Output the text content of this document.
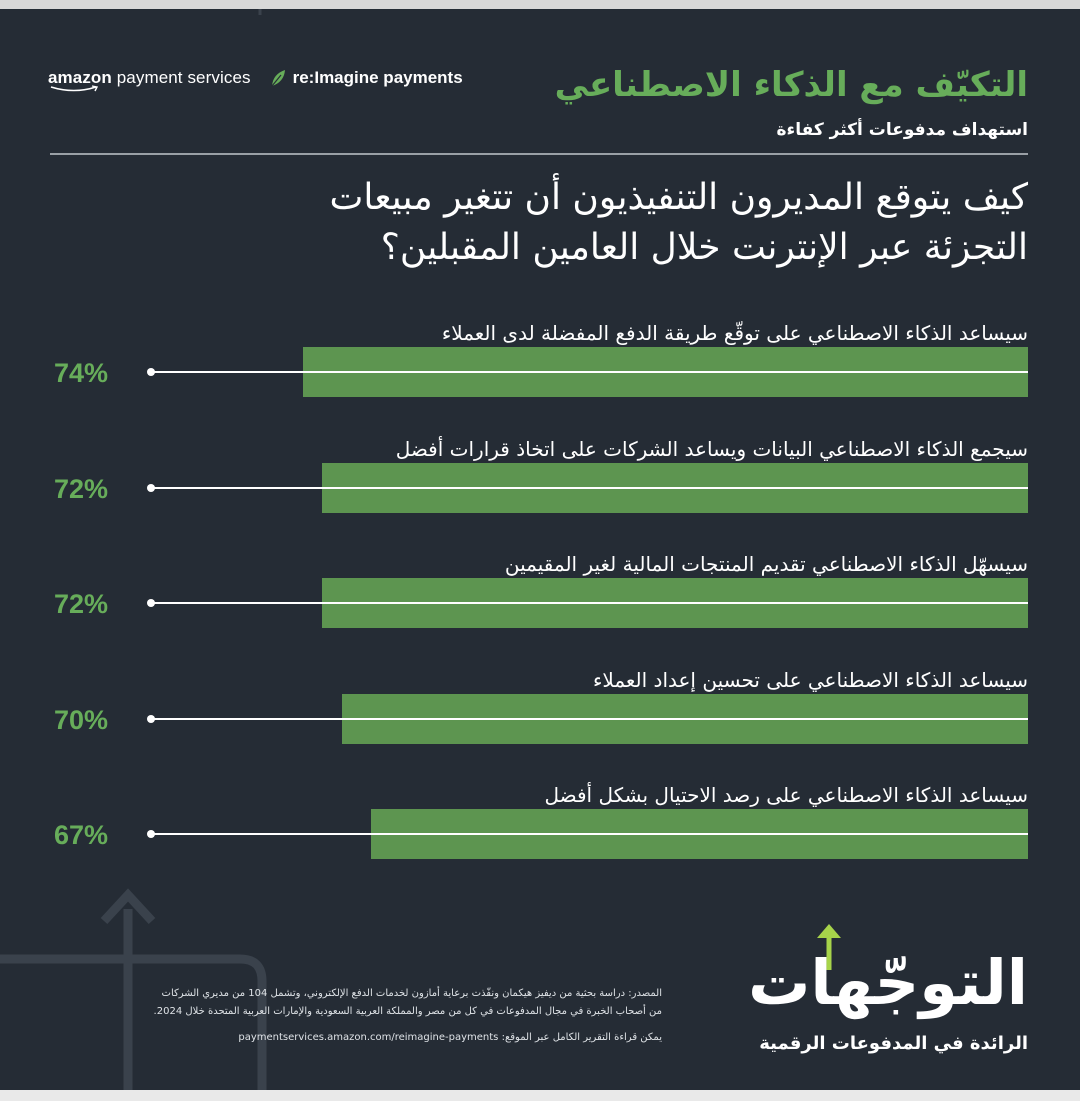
amazon payment services re:Imagine payments	التكيّف مع الذكاء الاصطناعي
استهداف مدفوعات أكثر كفاءة
كيف يتوقع المديرون التنفيذيون أن تتغير مبيعات
التجزئة عبر الإنترنت خلال العامين المقبلين؟
سيساعد الذكاء الاصطناعي على توقّع طريقة الدفع المفضلة لدى العملاء
74%
سيجمع الذكاء الاصطناعي البيانات ويساعد الشركات على اتخاذ قرارات أفضل
72%
سيسهّل الذكاء الاصطناعي تقديم المنتجات المالية لغير المقيمين
72%
سيساعد الذكاء الاصطناعي على تحسين إعداد العملاء
70%
سيساعد الذكاء الاصطناعي على رصد الاحتيال بشكل أفضل
67%
المصدر: دراسة بحثية من ديفيز هيكمان ونفّذت برعاية أمازون لخدمات الدفع الإلكتروني، وتشمل 104 من مديري الشركات
من أصحاب الخبرة في مجال المدفوعات في كل من مصر والمملكة العربية السعودية والإمارات العربية المتحدة خلال 2024.
يمكن قراءة التقرير الكامل عبر الموقع: paymentservices.amazon.com/reimagine-payments
التوجّهات
الرائدة في المدفوعات الرقمية
